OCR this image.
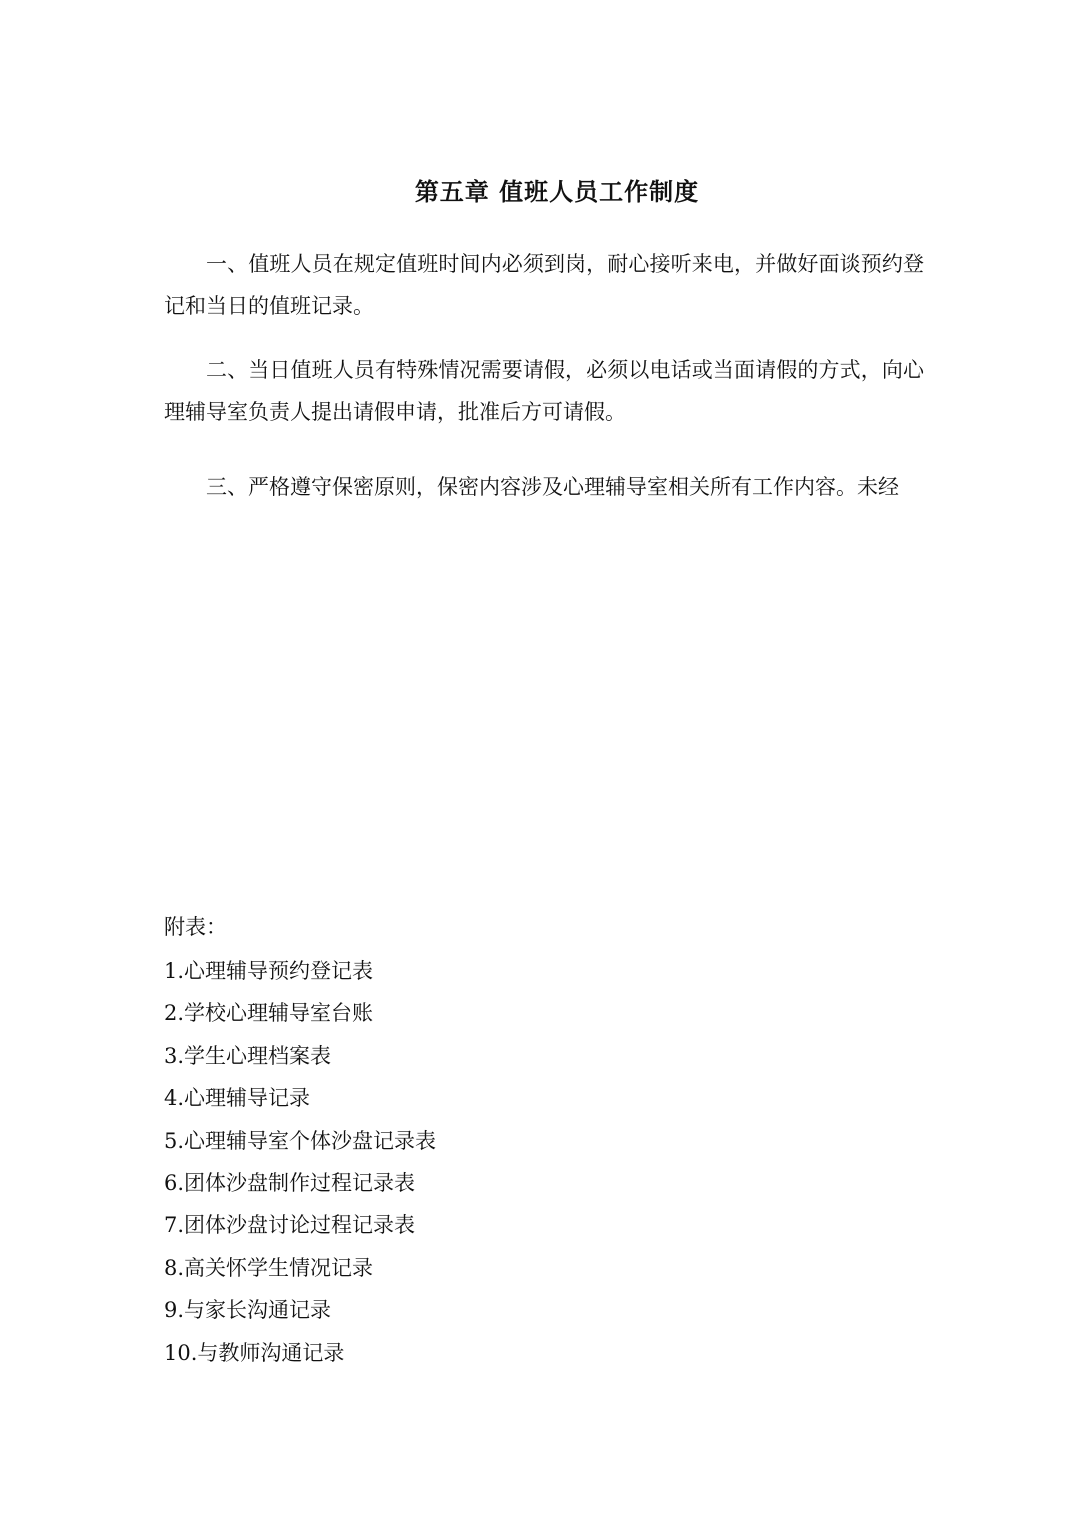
第五章 值班人员工作制度

一、值班人员在规定值班时间内必须到岗，耐心接听来电，并做好面谈预约登记和当日的值班记录。

二、当日值班人员有特殊情况需要请假，必须以电话或当面请假的方式，向心理辅导室负责人提出请假申请，批准后方可请假。

三、严格遵守保密原则，保密内容涉及心理辅导室相关所有工作内容。未经

附表：
1.心理辅导预约登记表
2.学校心理辅导室台账
3.学生心理档案表
4.心理辅导记录
5.心理辅导室个体沙盘记录表
6.团体沙盘制作过程记录表
7.团体沙盘讨论过程记录表
8.高关怀学生情况记录
9.与家长沟通记录
10.与教师沟通记录
